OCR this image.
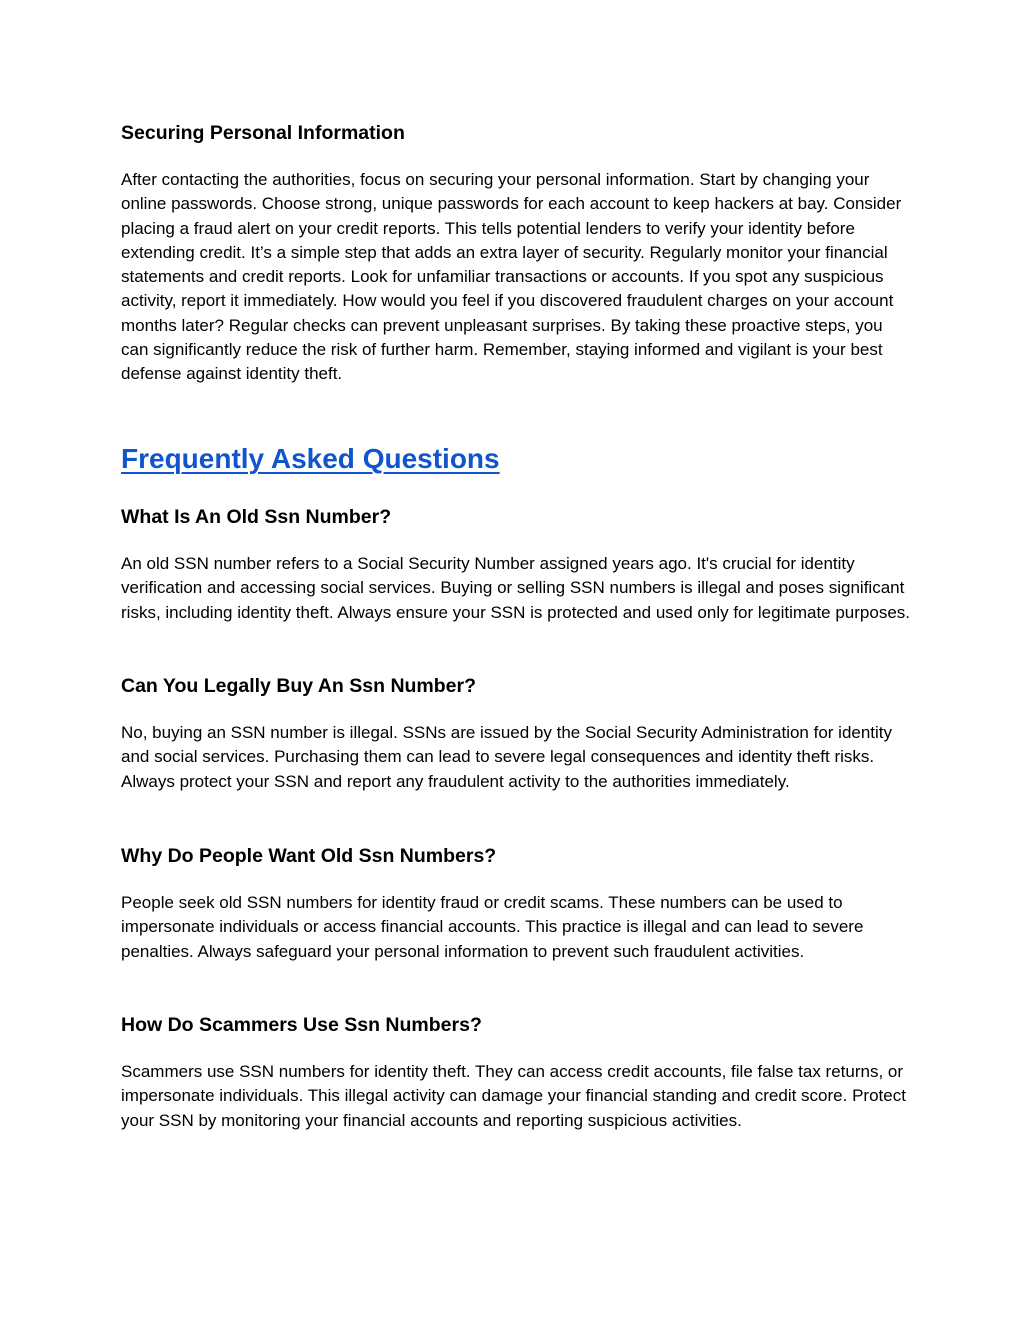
Securing Personal Information

After contacting the authorities, focus on securing your personal information. Start by changing your online passwords. Choose strong, unique passwords for each account to keep hackers at bay. Consider placing a fraud alert on your credit reports. This tells potential lenders to verify your identity before extending credit. It’s a simple step that adds an extra layer of security. Regularly monitor your financial statements and credit reports. Look for unfamiliar transactions or accounts. If you spot any suspicious activity, report it immediately. How would you feel if you discovered fraudulent charges on your account months later? Regular checks can prevent unpleasant surprises. By taking these proactive steps, you can significantly reduce the risk of further harm. Remember, staying informed and vigilant is your best defense against identity theft.

Frequently Asked Questions
What Is An Old Ssn Number?

An old SSN number refers to a Social Security Number assigned years ago. It's crucial for identity verification and accessing social services. Buying or selling SSN numbers is illegal and poses significant risks, including identity theft. Always ensure your SSN is protected and used only for legitimate purposes.

Can You Legally Buy An Ssn Number?

No, buying an SSN number is illegal. SSNs are issued by the Social Security Administration for identity and social services. Purchasing them can lead to severe legal consequences and identity theft risks. Always protect your SSN and report any fraudulent activity to the authorities immediately.

Why Do People Want Old Ssn Numbers?

People seek old SSN numbers for identity fraud or credit scams. These numbers can be used to impersonate individuals or access financial accounts. This practice is illegal and can lead to severe penalties. Always safeguard your personal information to prevent such fraudulent activities.

How Do Scammers Use Ssn Numbers?

Scammers use SSN numbers for identity theft. They can access credit accounts, file false tax returns, or impersonate individuals. This illegal activity can damage your financial standing and credit score. Protect your SSN by monitoring your financial accounts and reporting suspicious activities.
